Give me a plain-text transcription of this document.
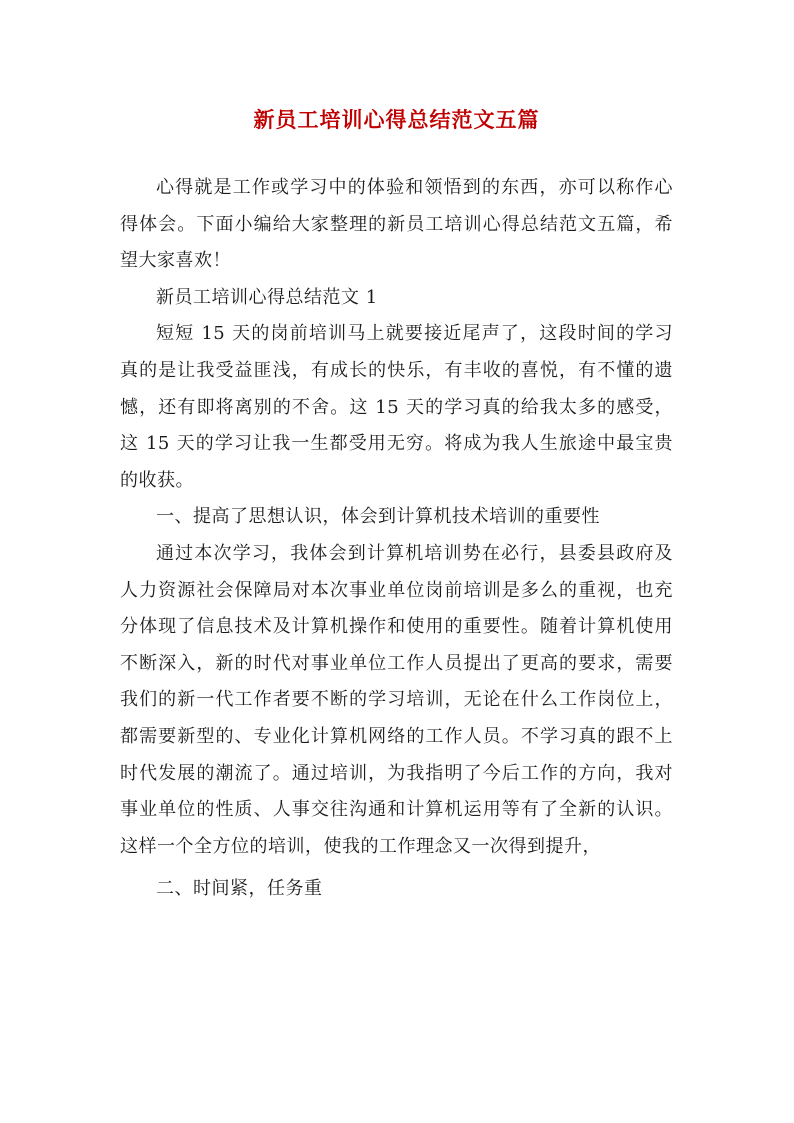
新员工培训心得总结范文五篇

心得就是工作或学习中的体验和领悟到的东西，亦可以称作心得体会。下面小编给大家整理的新员工培训心得总结范文五篇，希望大家喜欢！

新员工培训心得总结范文 1

短短 15 天的岗前培训马上就要接近尾声了，这段时间的学习真的是让我受益匪浅，有成长的快乐，有丰收的喜悦，有不懂的遗憾，还有即将离别的不舍。这 15 天的学习真的给我太多的感受，这 15 天的学习让我一生都受用无穷。将成为我人生旅途中最宝贵的收获。

一、提高了思想认识，体会到计算机技术培训的重要性

通过本次学习，我体会到计算机培训势在必行，县委县政府及人力资源社会保障局对本次事业单位岗前培训是多么的重视，也充分体现了信息技术及计算机操作和使用的重要性。随着计算机使用不断深入，新的时代对事业单位工作人员提出了更高的要求，需要我们的新一代工作者要不断的学习培训，无论在什么工作岗位上，都需要新型的、专业化计算机网络的工作人员。不学习真的跟不上时代发展的潮流了。通过培训，为我指明了今后工作的方向，我对事业单位的性质、人事交往沟通和计算机运用等有了全新的认识。这样一个全方位的培训，使我的工作理念又一次得到提升，

二、时间紧，任务重
